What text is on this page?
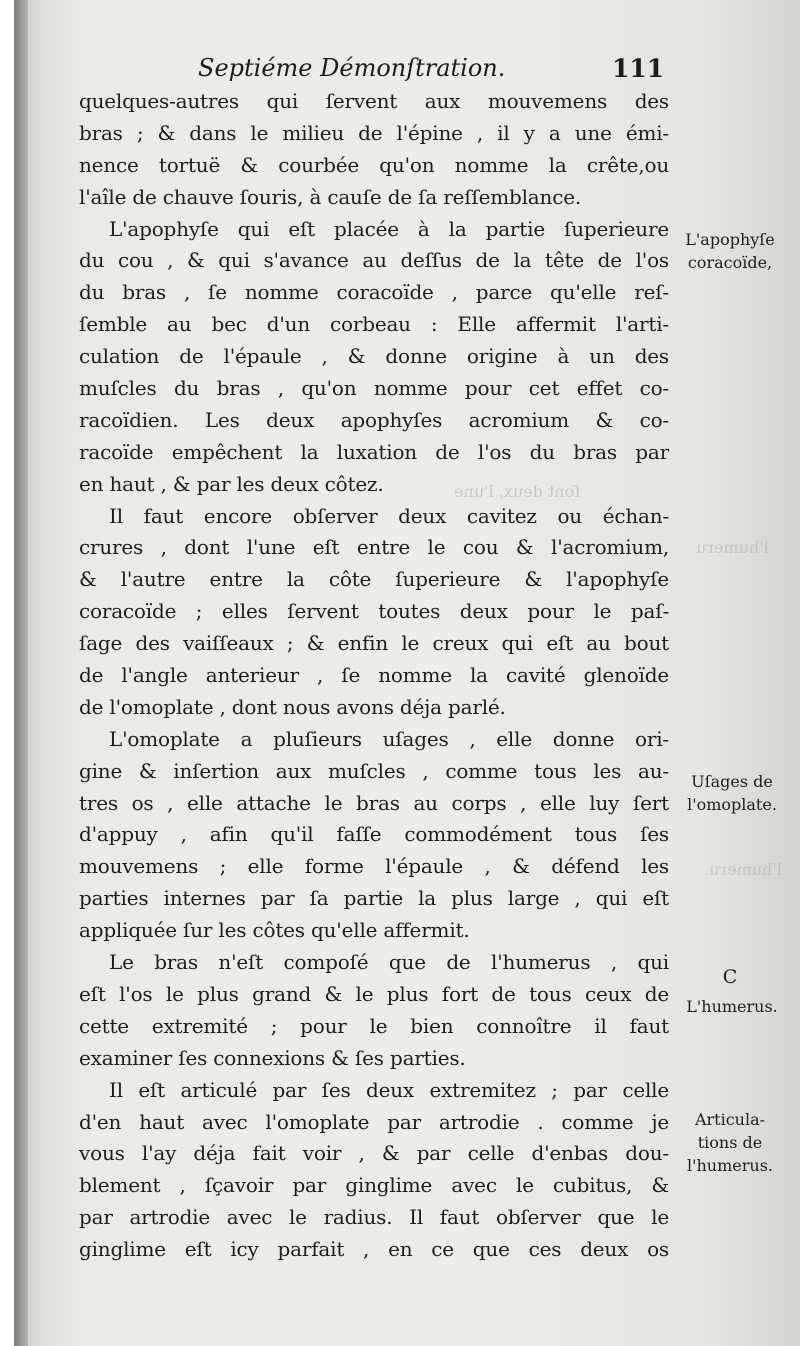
l'humeru
l'humeru.
ſont deux, l'une
Septiéme Démonſtration.	111
quelques-autres qui ſervent aux mouvemens des
bras ; & dans le milieu de l'épine , il y a une émi-
nence tortuë & courbée qu'on nomme la crête,ou
l'aîle de chauve ſouris, à cauſe de ſa reſſemblance.
L'apophyſe qui eſt placée à la partie ſuperieure
du cou , & qui s'avance au deſſus de la tête de l'os
du bras , ſe nomme coracoïde , parce qu'elle reſ-
ſemble au bec d'un corbeau : Elle affermit l'arti-
culation de l'épaule , & donne origine à un des
muſcles du bras , qu'on nomme pour cet effet co-
racoïdien. Les deux apophyſes acromium & co-
racoïde empêchent la luxation de l'os du bras par
en haut , & par les deux côtez.
Il faut encore obſerver deux cavitez ou échan-
crures , dont l'une eſt entre le cou & l'acromium,
& l'autre entre la côte ſuperieure & l'apophyſe
coracoïde ; elles ſervent toutes deux pour le paſ-
ſage des vaiſſeaux ; & enfin le creux qui eſt au bout
de l'angle anterieur , ſe nomme la cavité glenoïde
de l'omoplate , dont nous avons déja parlé.
L'omoplate a pluſieurs uſages , elle donne ori-
gine & inſertion aux muſcles , comme tous les au-
tres os , elle attache le bras au corps , elle luy ſert
d'appuy , afin qu'il faſſe commodément tous ſes
mouvemens ; elle forme l'épaule , & défend les
parties internes par ſa partie la plus large , qui eſt
appliquée ſur les côtes qu'elle affermit.
Le bras n'eſt compoſé que de l'humerus , qui
eſt l'os le plus grand & le plus fort de tous ceux de
cette extremité ; pour le bien connoître il faut
examiner ſes connexions & ſes parties.
Il eſt articulé par ſes deux extremitez ; par celle
d'en haut avec l'omoplate par artrodie . comme je
vous l'ay déja fait voir , & par celle d'enbas dou-
blement , ſçavoir par ginglime avec le cubitus, &
par artrodie avec le radius. Il faut obſerver que le
ginglime eſt icy parfait , en ce que ces deux os
L'apophyſe
coracoïde,
Uſages de
l'omoplate.
C
L'humerus.
Articula-
tions de
l'humerus.
